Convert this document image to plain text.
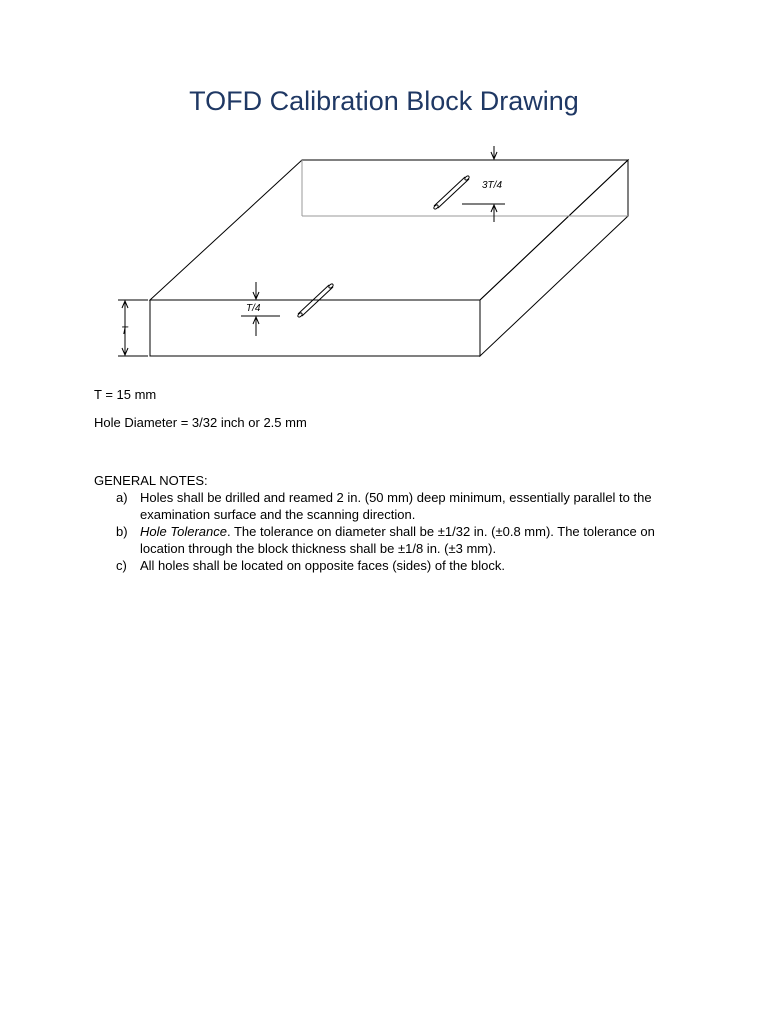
TOFD Calibration Block Drawing
T
T/4
3T/4
T = 15 mm
Hole Diameter = 3/32 inch or 2.5 mm
GENERAL NOTES:
a) Holes shall be drilled and reamed 2 in. (50 mm) deep minimum, essentially parallel to the examination surface and the scanning direction.
b) Hole Tolerance. The tolerance on diameter shall be ±1/32 in. (±0.8 mm). The tolerance on location through the block thickness shall be ±1/8 in. (±3 mm).
c)	All holes shall be located on opposite faces (sides) of the block.
